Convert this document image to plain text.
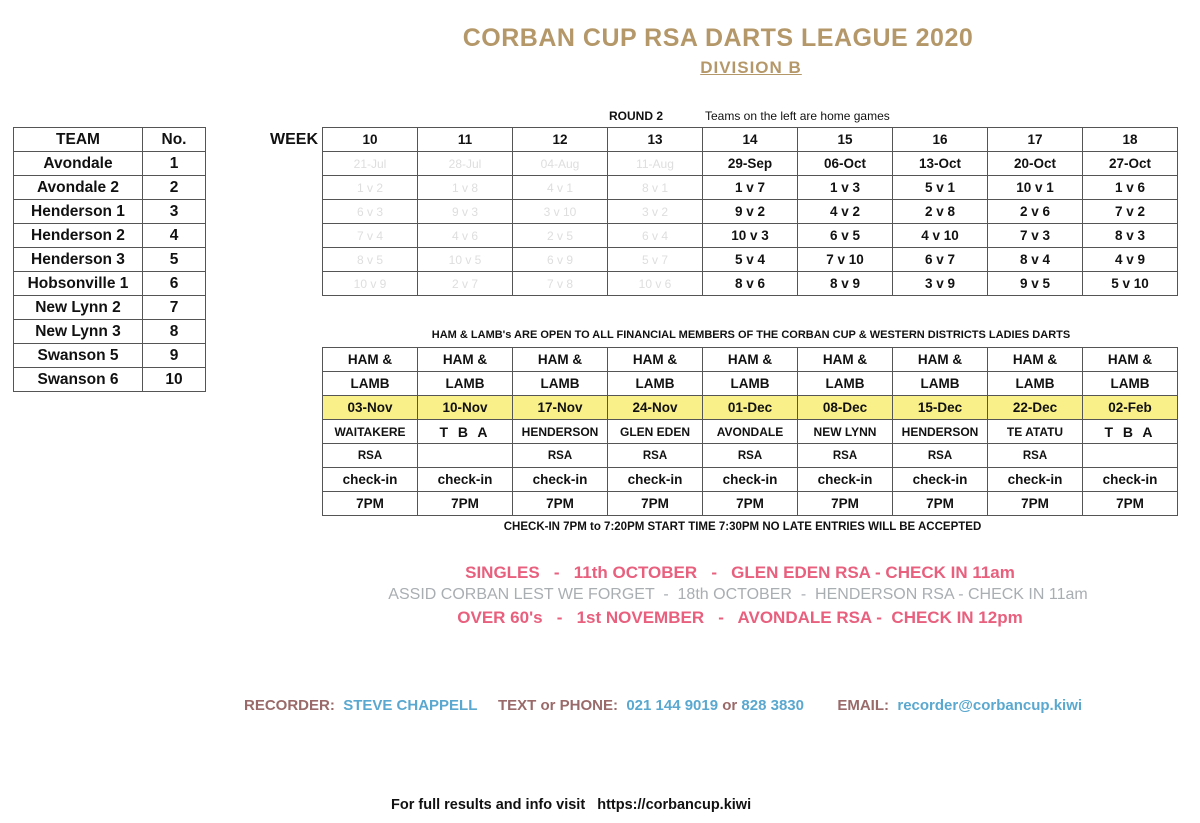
CORBAN CUP RSA DARTS LEAGUE 2020
DIVISION B
TEAM	No.
Avondale	1
Avondale 2	2
Henderson 1	3
Henderson 2	4
Henderson 3	5
Hobsonville 1	6
New Lynn 2	7
New Lynn 3	8
Swanson 5	9
Swanson 6	10
ROUND 2	Teams on the left are home games
WEEK	10	11	12	13	14	15	16	17	18
21-Jul	28-Jul	04-Aug	11-Aug	29-Sep	06-Oct	13-Oct	20-Oct	27-Oct
1 v 2	1 v 8	4 v 1	8 v 1	1 v 7	1 v 3	5 v 1	10 v 1	1 v 6
6 v 3	9 v 3	3 v 10	3 v 2	9 v 2	4 v 2	2 v 8	2 v 6	7 v 2
7 v 4	4 v 6	2 v 5	6 v 4	10 v 3	6 v 5	4 v 10	7 v 3	8 v 3
8 v 5	10 v 5	6 v 9	5 v 7	5 v 4	7 v 10	6 v 7	8 v 4	4 v 9
10 v 9	2 v 7	7 v 8	10 v 6	8 v 6	8 v 9	3 v 9	9 v 5	5 v 10
HAM & LAMB's ARE OPEN TO ALL FINANCIAL MEMBERS OF THE CORBAN CUP & WESTERN DISTRICTS LADIES DARTS
HAM &	HAM &	HAM &	HAM &	HAM &	HAM &	HAM &	HAM &	HAM &
LAMB	LAMB	LAMB	LAMB	LAMB	LAMB	LAMB	LAMB	LAMB
03-Nov	10-Nov	17-Nov	24-Nov	01-Dec	08-Dec	15-Dec	22-Dec	02-Feb
WAITAKERE	T B A	HENDERSON	GLEN EDEN	AVONDALE	NEW LYNN	HENDERSON	TE ATATU	T B A
RSA		RSA	RSA	RSA	RSA	RSA	RSA	
check-in	check-in	check-in	check-in	check-in	check-in	check-in	check-in	check-in
7PM	7PM	7PM	7PM	7PM	7PM	7PM	7PM	7PM
CHECK-IN 7PM to 7:20PM START TIME 7:30PM NO LATE ENTRIES WILL BE ACCEPTED
SINGLES   -   11th OCTOBER   -   GLEN EDEN RSA - CHECK IN 11am
ASSID CORBAN LEST WE FORGET  -  18th OCTOBER  -  HENDERSON RSA - CHECK IN 11am
OVER 60's   -   1st NOVEMBER   -   AVONDALE RSA -  CHECK IN 12pm
RECORDER: STEVE CHAPPELL TEXT or PHONE: 021 144 9019 or 828 3830 EMAIL: recorder@corbancup.kiwi
For full results and info visit   https://corbancup.kiwi
